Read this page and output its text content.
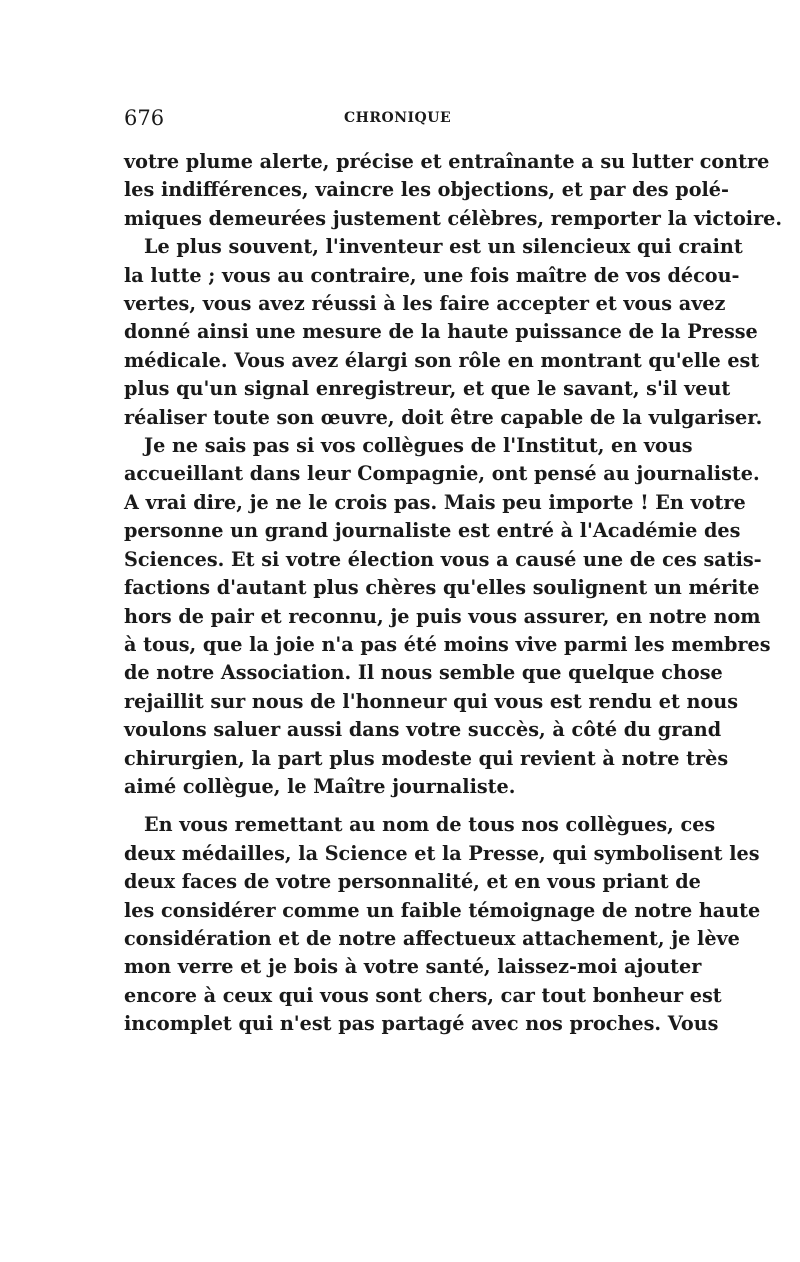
676	CHRONIQUE
votre plume alerte, précise et entraînante a su lutter contre
les indifférences, vaincre les objections, et par des polé-
miques demeurées justement célèbres, remporter la victoire.
Le plus souvent, l'inventeur est un silencieux qui craint
la lutte ; vous au contraire, une fois maître de vos décou-
vertes, vous avez réussi à les faire accepter et vous avez
donné ainsi une mesure de la haute puissance de la Presse
médicale. Vous avez élargi son rôle en montrant qu'elle est
plus qu'un signal enregistreur, et que le savant, s'il veut
réaliser toute son œuvre, doit être capable de la vulgariser.
Je ne sais pas si vos collègues de l'Institut, en vous
accueillant dans leur Compagnie, ont pensé au journaliste.
A vrai dire, je ne le crois pas. Mais peu importe ! En votre
personne un grand journaliste est entré à l'Académie des
Sciences. Et si votre élection vous a causé une de ces satis-
factions d'autant plus chères qu'elles soulignent un mérite
hors de pair et reconnu, je puis vous assurer, en notre nom
à tous, que la joie n'a pas été moins vive parmi les membres
de notre Association. Il nous semble que quelque chose
rejaillit sur nous de l'honneur qui vous est rendu et nous
voulons saluer aussi dans votre succès, à côté du grand
chirurgien, la part plus modeste qui revient à notre très
aimé collègue, le Maître journaliste.
En vous remettant au nom de tous nos collègues, ces
deux médailles, la Science et la Presse, qui symbolisent les
deux faces de votre personnalité, et en vous priant de
les considérer comme un faible témoignage de notre haute
considération et de notre affectueux attachement, je lève
mon verre et je bois à votre santé, laissez-moi ajouter
encore à ceux qui vous sont chers, car tout bonheur est
incomplet qui n'est pas partagé avec nos proches. Vous
